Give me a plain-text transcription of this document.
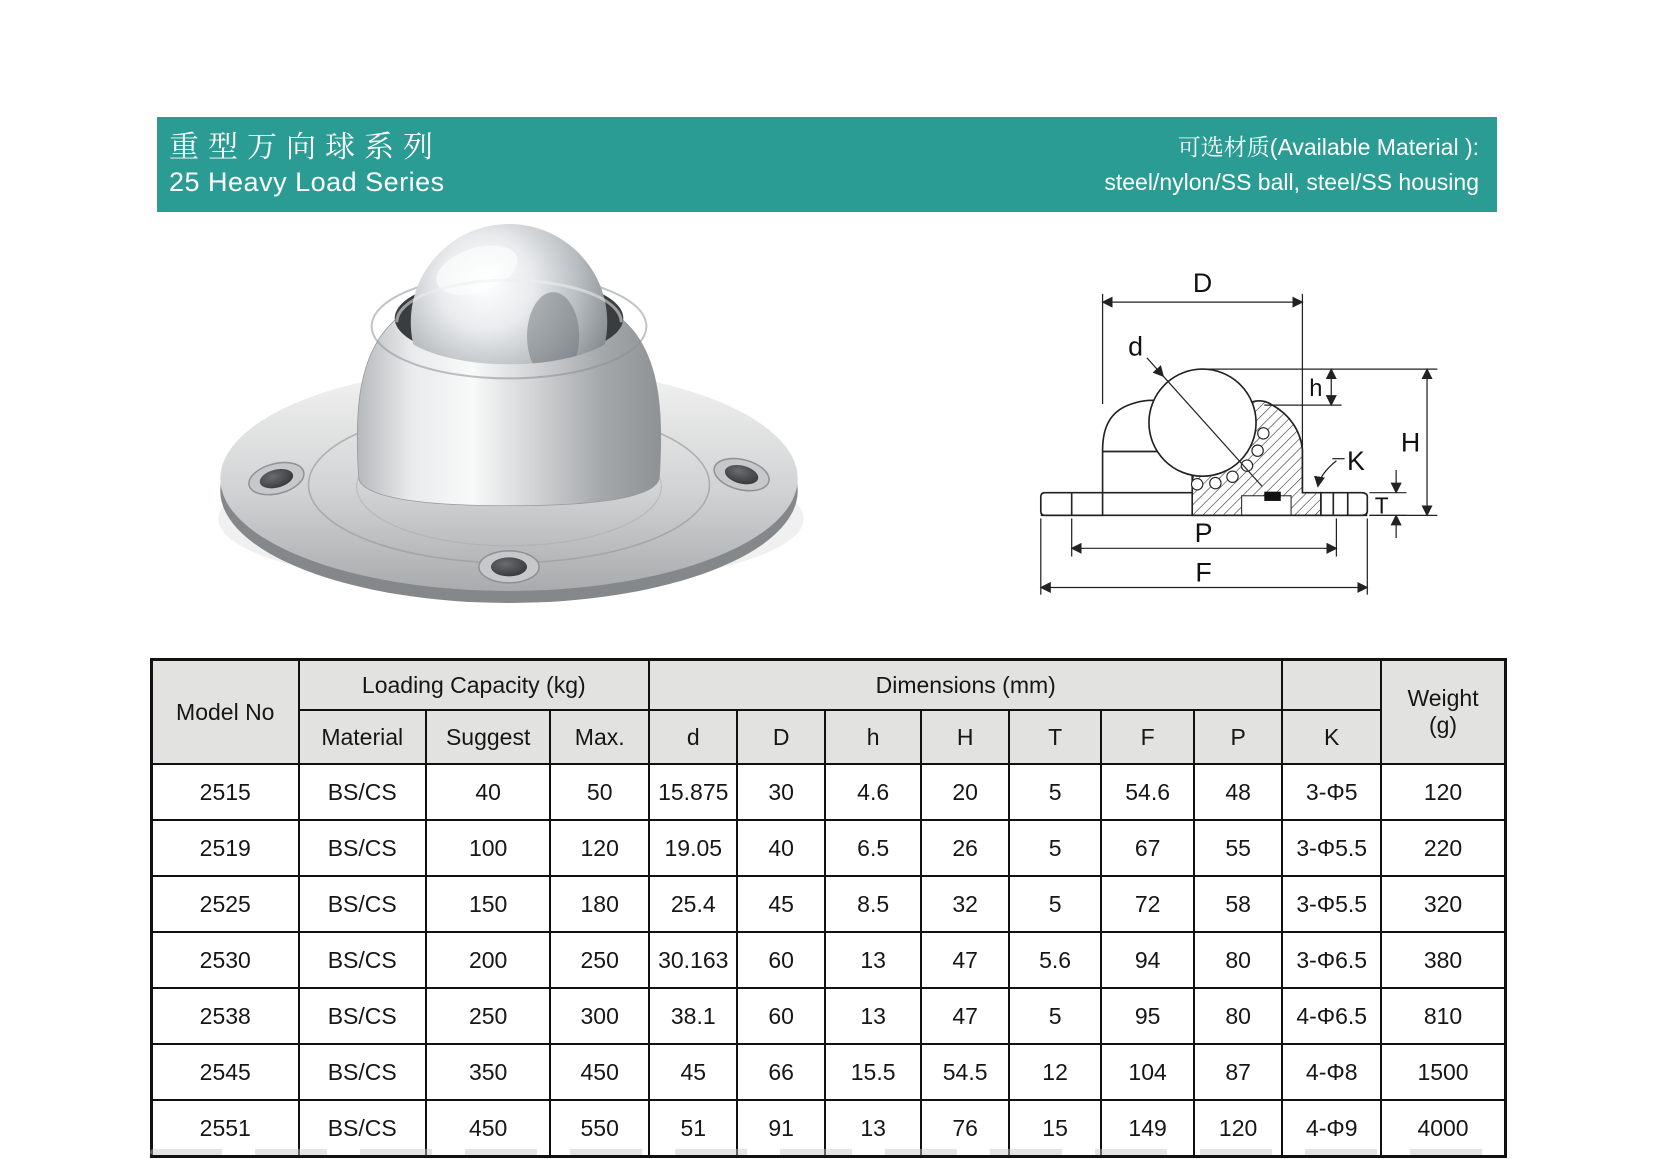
重型万向球系列
25 Heavy Load Series
可选材质(Available Material ):
steel/nylon/SS ball, steel/SS housing
D
d
h
H
K
T
P
F
Model No	Loading Capacity (kg)			Dimensions (mm)								Weight
(g)

	Material	Suggest	Max.	d	D	h	H	T	F	P	K	
2515	BS/CS	40	50	15.875	30	4.6	20	5	54.6	48	3-Φ5	120
2519	BS/CS	100	120	19.05	40	6.5	26	5	67	55	3-Φ5.5	220
2525	BS/CS	150	180	25.4	45	8.5	32	5	72	58	3-Φ5.5	320
2530	BS/CS	200	250	30.163	60	13	47	5.6	94	80	3-Φ6.5	380
2538	BS/CS	250	300	38.1	60	13	47	5	95	80	4-Φ6.5	810
2545	BS/CS	350	450	45	66	15.5	54.5	12	104	87	4-Φ8	1500
2551	BS/CS	450	550	51	91	13	76	15	149	120	4-Φ9	4000
